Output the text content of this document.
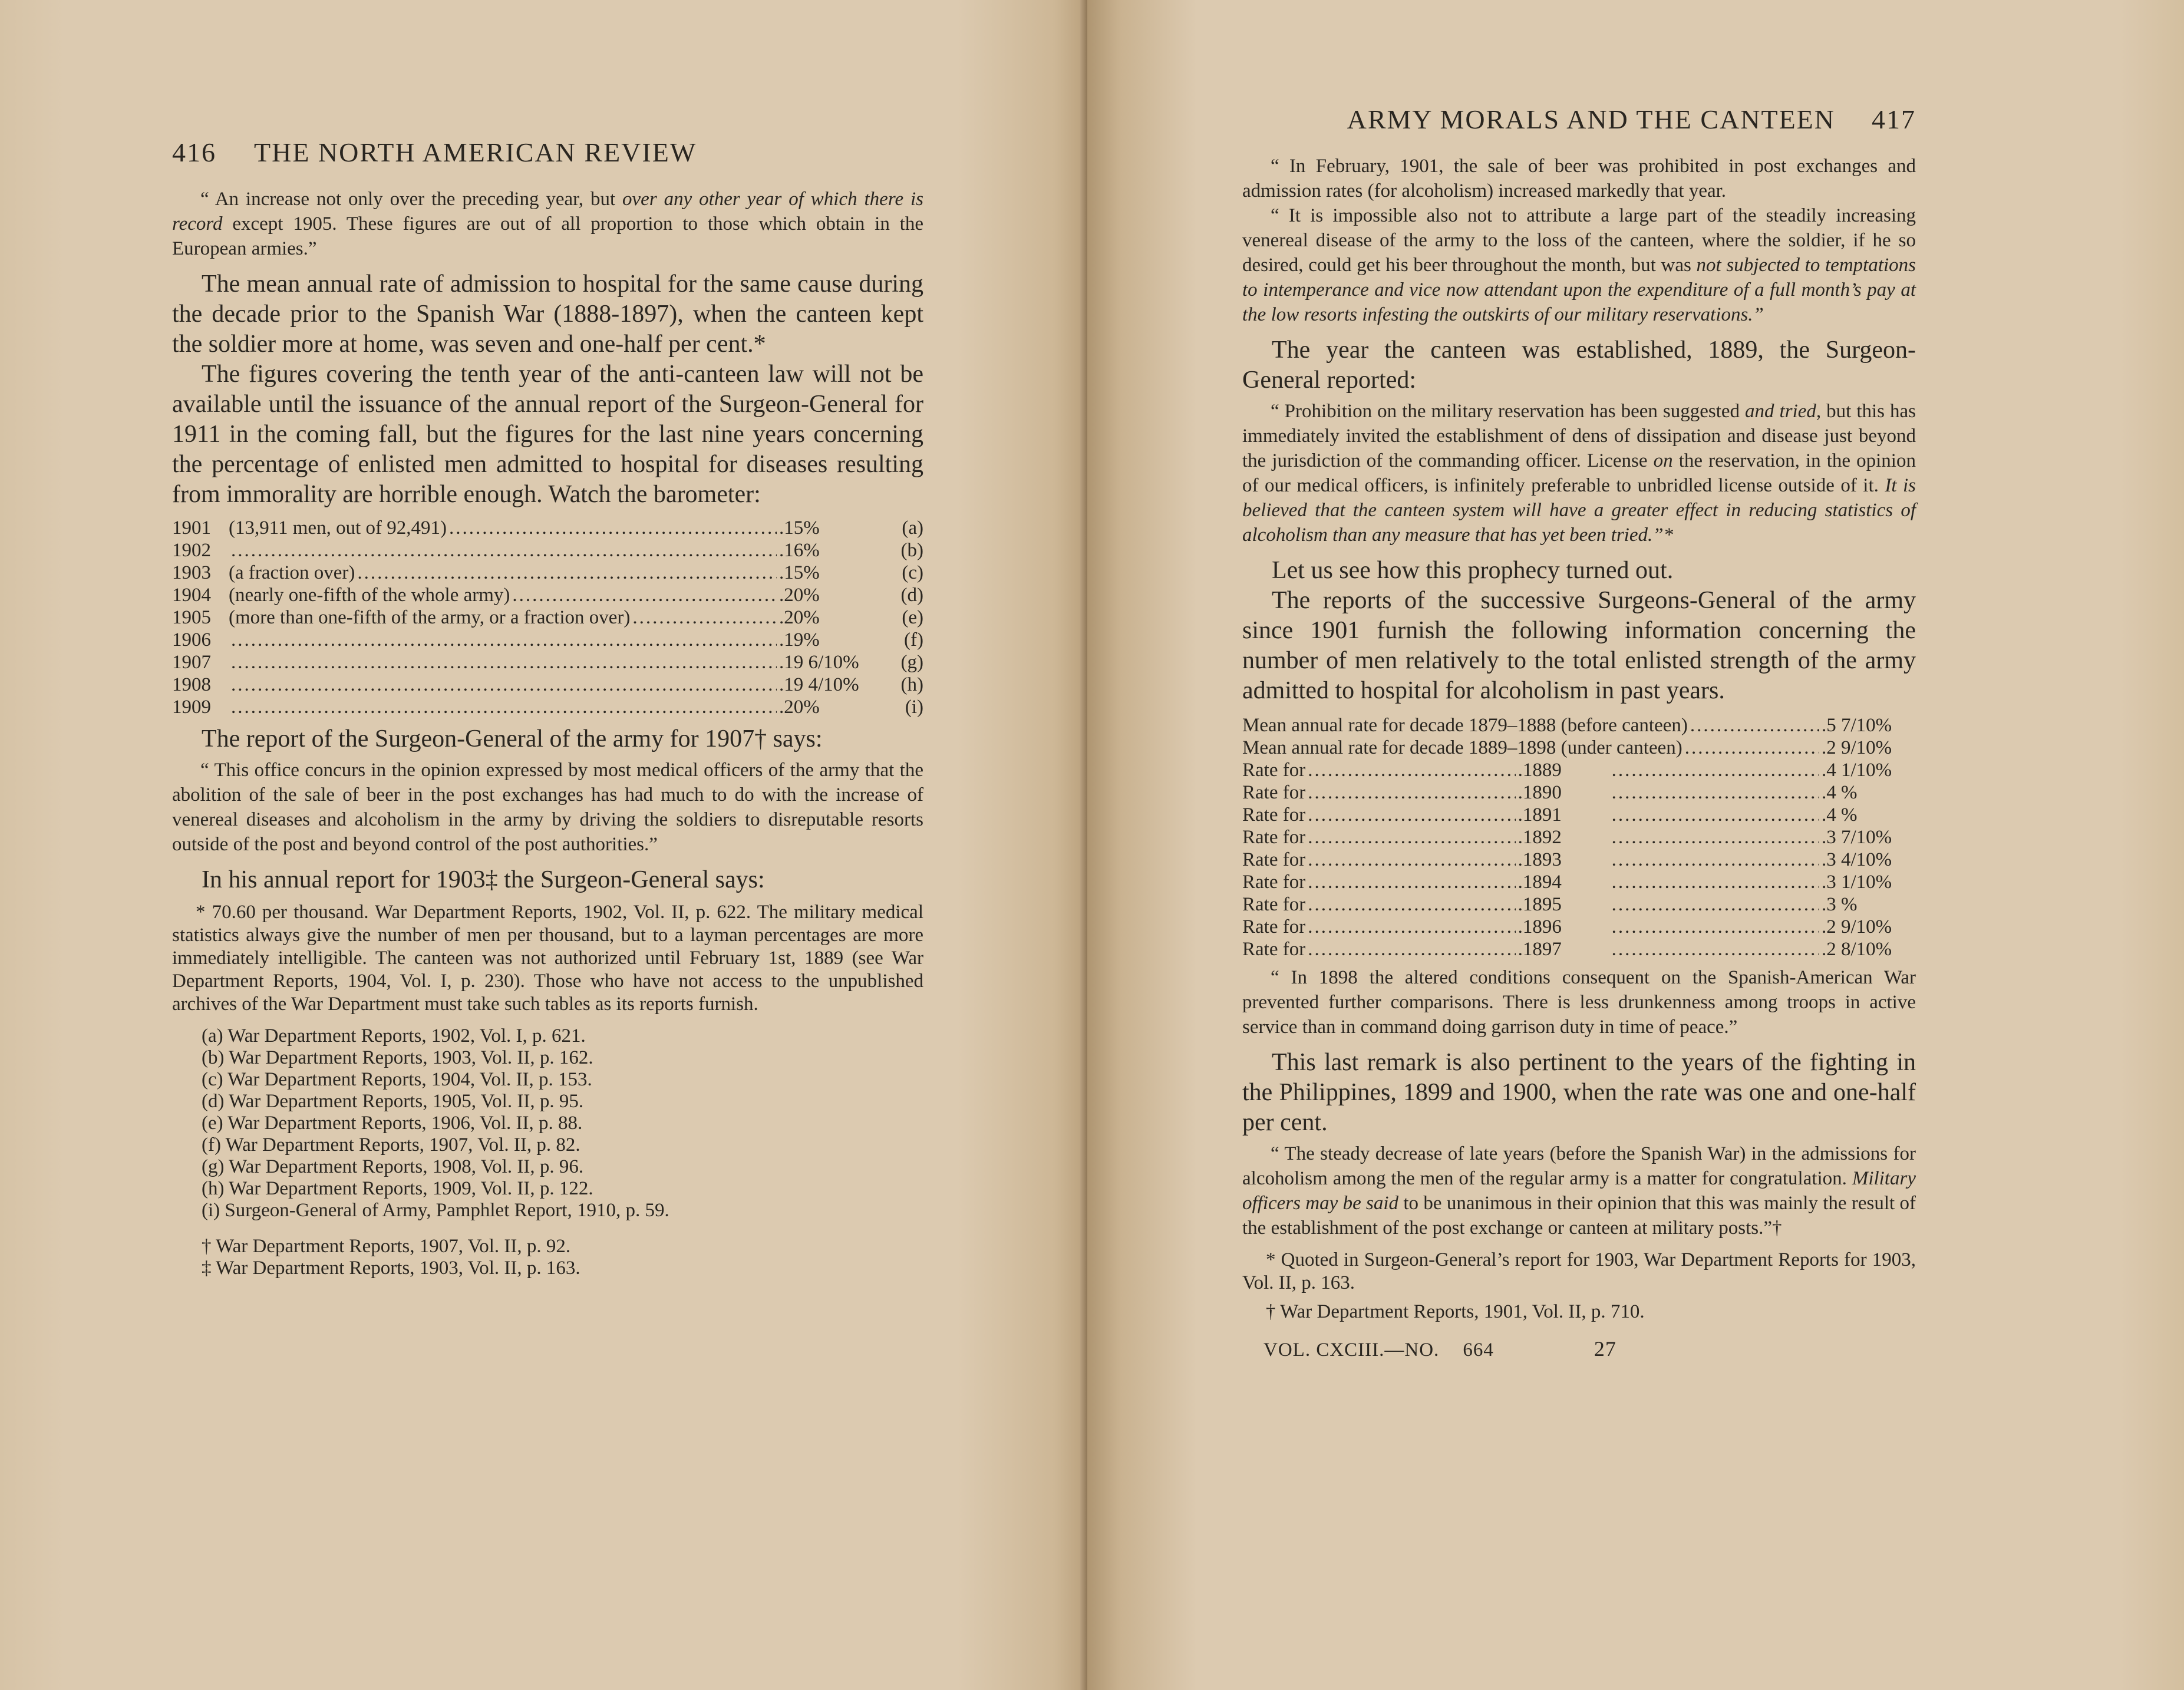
416 THE NORTH AMERICAN REVIEW

“ An increase not only over the preceding year, but over any other year of which there is record except 1905. These figures are out of all proportion to those which obtain in the European armies.”

The mean annual rate of admission to hospital for the same cause during the decade prior to the Spanish War (1888-1897), when the canteen kept the soldier more at home, was seven and one-half per cent.*

The figures covering the tenth year of the anti-canteen law will not be available until the issuance of the annual report of the Surgeon-General for 1911 in the coming fall, but the figures for the last nine years concerning the percentage of enlisted men admitted to hospital for diseases resulting from immorality are horrible enough. Watch the barometer:

1901 (13,911 men, out of 92,491) .....	.15%	(a)
1902 .....	.16%	(b)
1903 (a fraction over) .....	.15%	(c)
1904 (nearly one-fifth of the whole army) .....	.20%	(d)
1905 (more than one-fifth of the army, or a fraction over) .....	.20%	(e)
1906 .....	.19%	(f)
1907 .....	.19 6/10%	(g)
1908 .....	.19 4/10%	(h)
1909 .....	.20%	(i)

The report of the Surgeon-General of the army for 1907† says:

“ This office concurs in the opinion expressed by most medical officers of the army that the abolition of the sale of beer in the post exchanges has had much to do with the increase of venereal diseases and alcoholism in the army by driving the soldiers to disreputable resorts outside of the post and beyond control of the post authorities.”

In his annual report for 1903‡ the Surgeon-General says:

* 70.60 per thousand. War Department Reports, 1902, Vol. II, p. 622. The military medical statistics always give the number of men per thousand, but to a layman percentages are more immediately intelligible. The canteen was not authorized until February 1st, 1889 (see War Department Reports, 1904, Vol. I, p. 230). Those who have not access to the unpublished archives of the War Department must take such tables as its reports furnish.

(a) War Department Reports, 1902, Vol. I, p. 621.
(b) War Department Reports, 1903, Vol. II, p. 162.
(c) War Department Reports, 1904, Vol. II, p. 153.
(d) War Department Reports, 1905, Vol. II, p. 95.
(e) War Department Reports, 1906, Vol. II, p. 88.
(f) War Department Reports, 1907, Vol. II, p. 82.
(g) War Department Reports, 1908, Vol. II, p. 96.
(h) War Department Reports, 1909, Vol. II, p. 122.
(i) Surgeon-General of Army, Pamphlet Report, 1910, p. 59.
† War Department Reports, 1907, Vol. II, p. 92.
‡ War Department Reports, 1903, Vol. II, p. 163.
ARMY MORALS AND THE CANTEEN 417

“ In February, 1901, the sale of beer was prohibited in post exchanges and admission rates (for alcoholism) increased markedly that year.

“ It is impossible also not to attribute a large part of the steadily increasing venereal disease of the army to the loss of the canteen, where the soldier, if he so desired, could get his beer throughout the month, but was not subjected to temptations to intemperance and vice now attendant upon the expenditure of a full month’s pay at the low resorts infesting the outskirts of our military reservations.”

The year the canteen was established, 1889, the Surgeon-General reported:

“ Prohibition on the military reservation has been suggested and tried, but this has immediately invited the establishment of dens of dissipation and disease just beyond the jurisdiction of the commanding officer. License on the reservation, in the opinion of our medical officers, is infinitely preferable to unbridled license outside of it. It is believed that the canteen system will have a greater effect in reducing statistics of alcoholism than any measure that has yet been tried.”*

Let us see how this prophecy turned out.

The reports of the successive Surgeons-General of the army since 1901 furnish the following information concerning the number of men relatively to the total enlisted strength of the army admitted to hospital for alcoholism in past years.

Mean annual rate for decade 1879–1888 (before canteen) .....	.5 7/10%
Mean annual rate for decade 1889–1898 (under canteen) .....	.2 9/10%
Rate for .....	.1889 .....	.4 1/10%
Rate for .....	.1890 .....	.4 %
Rate for .....	.1891 .....	.4 %
Rate for .....	.1892 .....	.3 7/10%
Rate for .....	.1893 .....	.3 4/10%
Rate for .....	.1894 .....	.3 1/10%
Rate for .....	.1895 .....	.3 %
Rate for .....	.1896 .....	.2 9/10%
Rate for .....	.1897 .....	.2 8/10%

“ In 1898 the altered conditions consequent on the Spanish-American War prevented further comparisons. There is less drunkenness among troops in active service than in command doing garrison duty in time of peace.”

This last remark is also pertinent to the years of the fighting in the Philippines, 1899 and 1900, when the rate was one and one-half per cent.

“ The steady decrease of late years (before the Spanish War) in the admissions for alcoholism among the men of the regular army is a matter for congratulation. Military officers may be said to be unanimous in their opinion that this was mainly the result of the establishment of the post exchange or canteen at military posts.”†

* Quoted in Surgeon-General’s report for 1903, War Department Reports for 1903, Vol. II, p. 163.

† War Department Reports, 1901, Vol. II, p. 710.

VOL. CXCIII.—NO. 664	27
